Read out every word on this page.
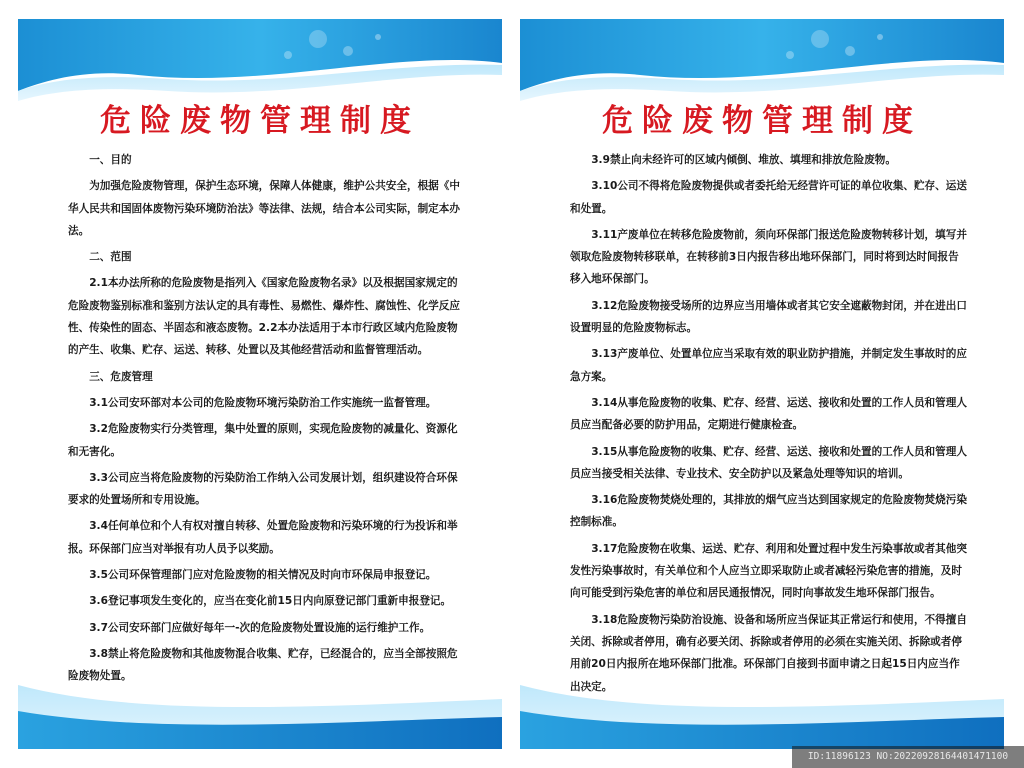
危险废物管理制度

一、目的

为加强危险废物管理，保护生态环境，保障人体健康，维护公共安全，根据《中华人民共和国固体废物污染环境防治法》等法律、法规，结合本公司实际，制定本办法。

二、范围

2.1本办法所称的危险废物是指列入《国家危险废物名录》以及根据国家规定的危险废物鉴别标准和鉴别方法认定的具有毒性、易燃性、爆炸性、腐蚀性、化学反应性、传染性的固态、半固态和液态废物。2.2本办法适用于本市行政区域内危险废物的产生、收集、贮存、运送、转移、处置以及其他经营活动和监督管理活动。

三、危废管理

3.1公司安环部对本公司的危险废物环境污染防治工作实施统一监督管理。

3.2危险废物实行分类管理，集中处置的原则，实现危险废物的减量化、资源化和无害化。

3.3公司应当将危险废物的污染防治工作纳入公司发展计划，组织建设符合环保要求的处置场所和专用设施。

3.4任何单位和个人有权对擅自转移、处置危险废物和污染环境的行为投诉和举报。环保部门应当对举报有功人员予以奖励。

3.5公司环保管理部门应对危险废物的相关情况及时向市环保局申报登记。

3.6登记事项发生变化的，应当在变化前15日内向原登记部门重新申报登记。

3.7公司安环部门应做好每年一-次的危险废物处置设施的运行维护工作。

3.8禁止将危险废物和其他废物混合收集、贮存，已经混合的，应当全部按照危险废物处置。

危险废物管理制度

3.9禁止向未经许可的区域内倾倒、堆放、填埋和排放危险废物。

3.10公司不得将危险废物提供或者委托给无经营许可证的单位收集、贮存、运送和处置。

3.11产废单位在转移危险废物前，须向环保部门报送危险废物转移计划，填写并领取危险废物转移联单，在转移前3日内报告移出地环保部门，同时将到达时间报告移入地环保部门。

3.12危险废物接受场所的边界应当用墙体或者其它安全遮蔽物封闭，并在进出口设置明显的危险废物标志。

3.13产废单位、处置单位应当采取有效的职业防护措施，并制定发生事故时的应急方案。

3.14从事危险废物的收集、贮存、经营、运送、接收和处置的工作人员和管理人员应当配备必要的防护用品，定期进行健康检查。

3.15从事危险废物的收集、贮存、经营、运送、接收和处置的工作人员和管理人员应当接受相关法律、专业技术、安全防护以及紧急处理等知识的培训。

3.16危险废物焚烧处理的，其排放的烟气应当达到国家规定的危险废物焚烧污染控制标准。

3.17危险废物在收集、运送、贮存、利用和处置过程中发生污染事故或者其他突发性污染事故时，有关单位和个人应当立即采取防止或者减轻污染危害的措施，及时向可能受到污染危害的单位和居民通报情况，同时向事故发生地环保部门报告。

3.18危险废物污染防治设施、设备和场所应当保证其正常运行和使用，不得擅自关闭、拆除或者停用，确有必要关闭、拆除或者停用的必须在实施关闭、拆除或者停用前20日内报所在地环保部门批准。环保部门自接到书面申请之日起15日内应当作出决定。

昵享网 www.nipic.com	ID:11896123 NO:20220928164401471100
